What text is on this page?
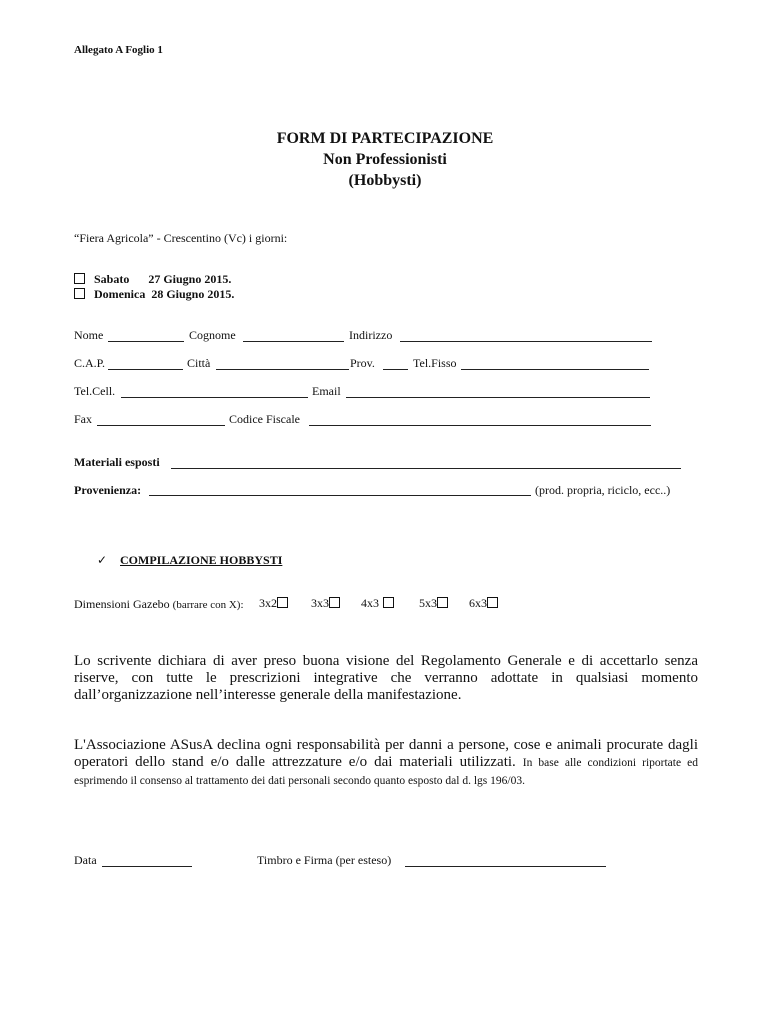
Allegato A Foglio 1
FORM DI PARTECIPAZIONE
Non Professionisti
(Hobbysti)
“Fiera Agricola” - Crescentino (Vc) i giorni:
Sabato 27 Giugno 2015.
Domenica 28 Giugno 2015.
Nome	Cognome	Indirizzo
C.A.P.	Città	Prov.	Tel.Fisso
Tel.Cell.	Email
Fax	Codice Fiscale
Materiali esposti
Provenienza:	(prod. propria, riciclo, ecc..)
✓ COMPILAZIONE HOBBYSTI
Dimensioni Gazebo (barrare con X): 3x2	3x3	4x3	5x3	6x3
Lo scrivente dichiara di aver preso buona visione del Regolamento Generale e di accettarlo senza riserve, con tutte le prescrizioni integrative che verranno adottate in qualsiasi momento dall’organizzazione nell’interesse generale della manifestazione.
L'Associazione ASusA declina ogni responsabilità per danni a persone, cose e animali procurate dagli operatori dello stand e/o dalle attrezzature e/o dai materiali utilizzati. In base alle condizioni riportate ed esprimendo il consenso al trattamento dei dati personali secondo quanto esposto dal d. lgs 196/03.
Data	Timbro e Firma (per esteso)
